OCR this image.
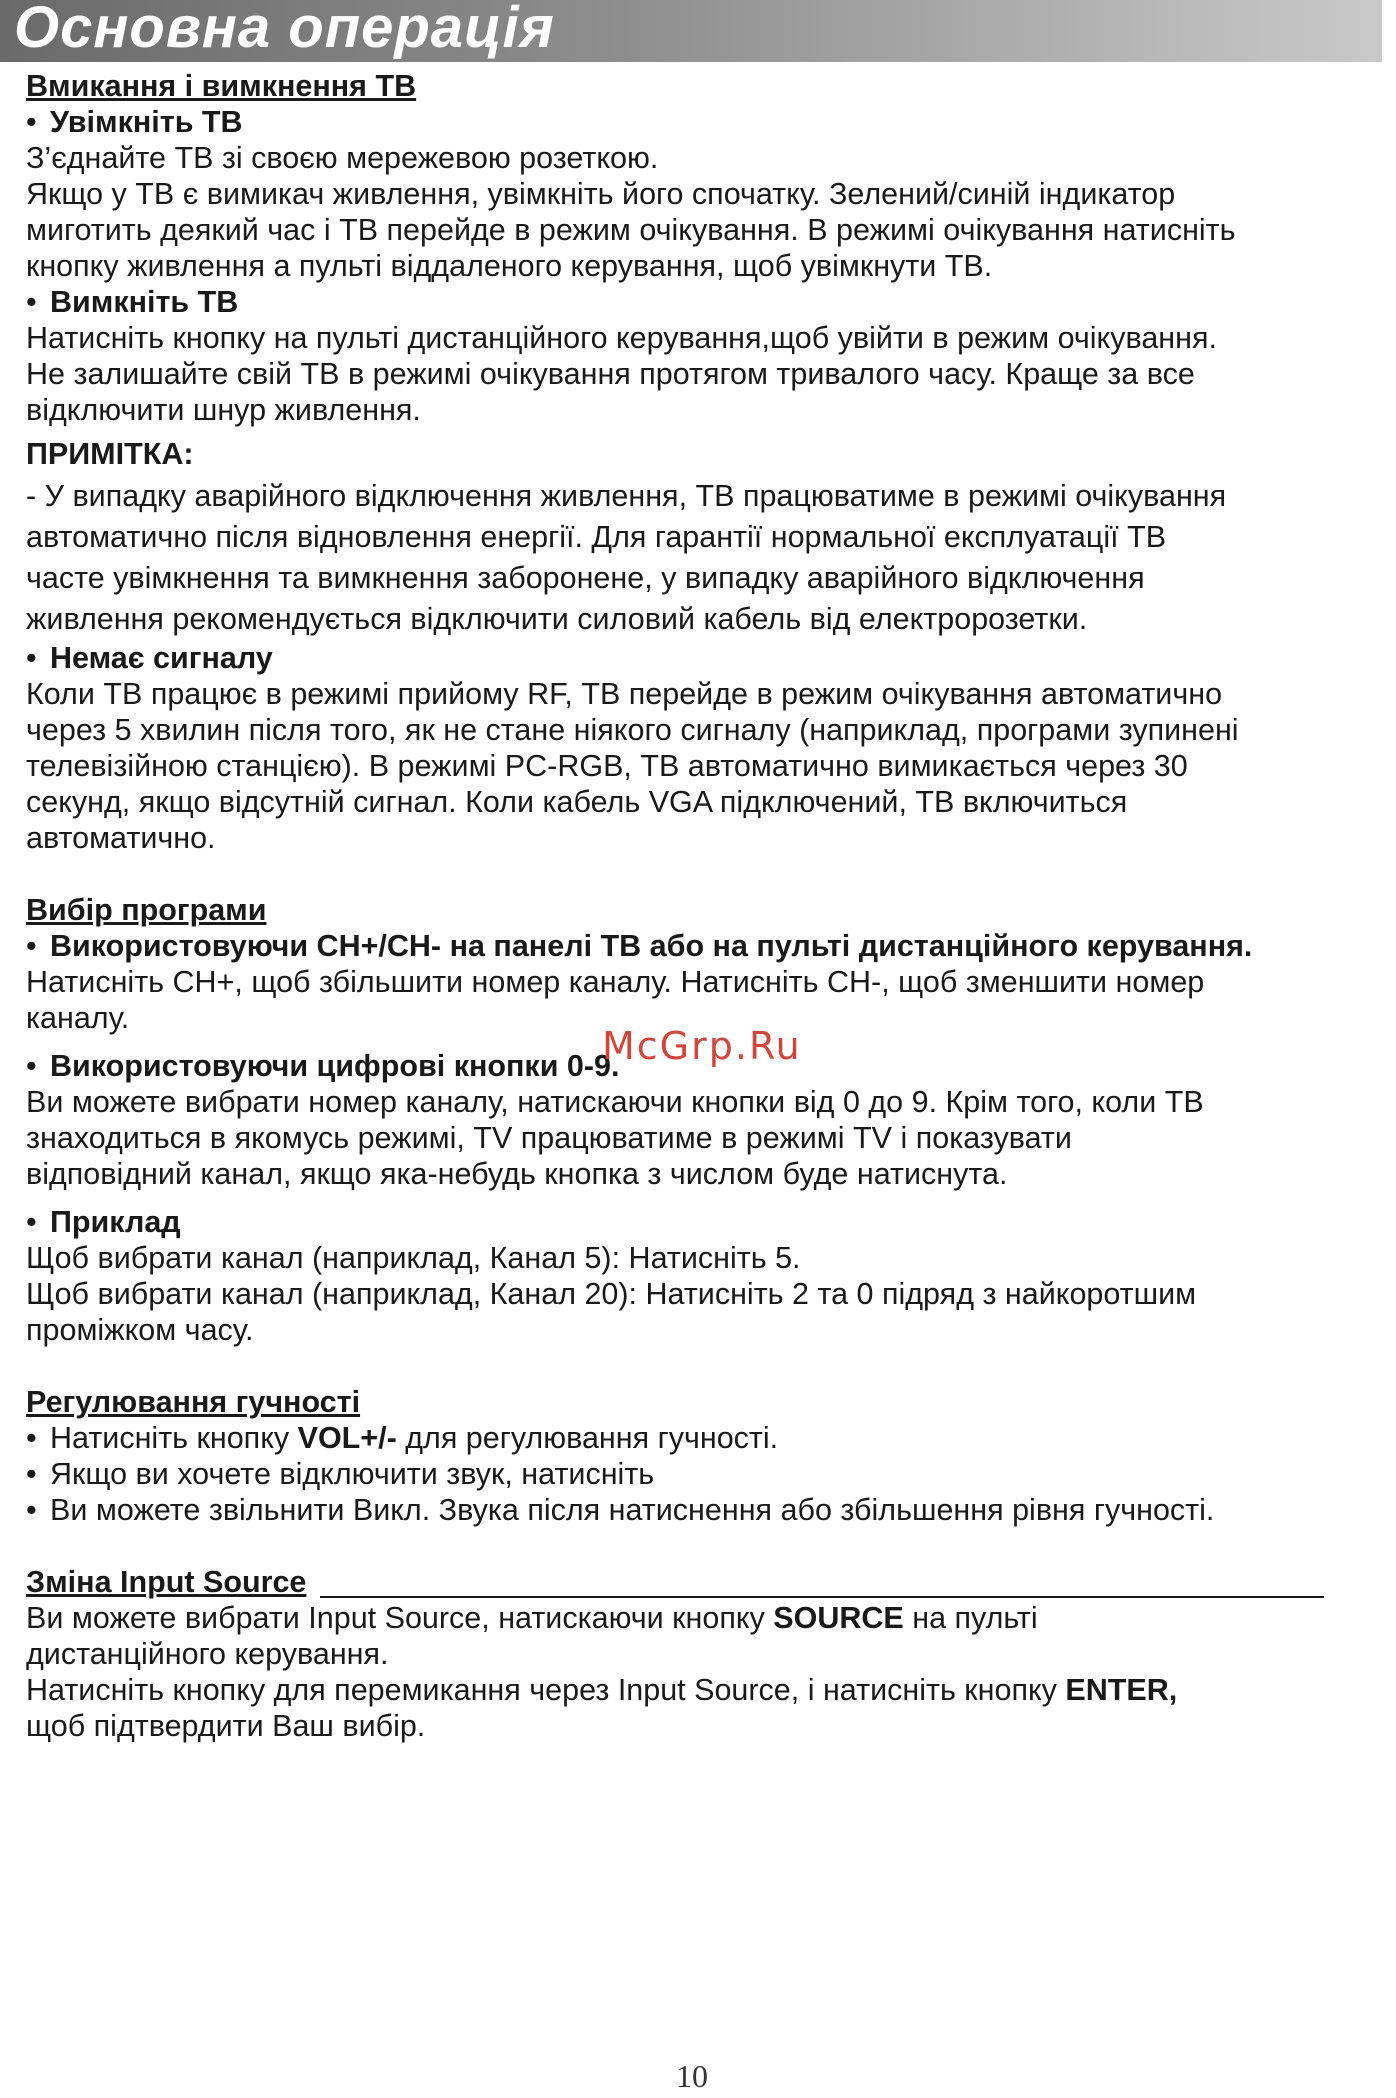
Основна операція
Вмикання і вимкнення ТВ
• Увімкніть ТВ
З’єднайте ТВ зі своєю мережевою розеткою.
Якщо у ТВ є вимикач живлення, увімкніть його спочатку. Зелений/синій індикатор
миготить деякий час і ТВ перейде в режим очікування. В режимі очікування натисніть
кнопку живлення а пульті віддаленого керування, щоб увімкнути ТВ.
• Вимкніть ТВ
Натисніть кнопку на пульті дистанційного керування,щоб увійти в режим очікування.
Не залишайте свій ТВ в режимі очікування протягом тривалого часу. Краще за все
відключити шнур живлення.
ПРИМІТКА:
- У випадку аварійного відключення живлення, ТВ працюватиме в режимі очікування
автоматично після відновлення енергії. Для гарантії нормальної експлуатації ТВ
часте увімкнення та вимкнення заборонене, у випадку аварійного відключення
живлення рекомендується відключити силовий кабель від електророзетки.
• Немає сигналу
Коли ТВ працює в режимі прийому RF, ТВ перейде в режим очікування автоматично
через 5 хвилин після того, як не стане ніякого сигналу (наприклад, програми зупинені
телевізійною станцією). В режимі PC-RGB, ТВ автоматично вимикається через 30
секунд, якщо відсутній сигнал. Коли кабель VGA підключений, ТВ включиться
автоматично.
Вибір програми
• Використовуючи CH+/CH- на панелі ТВ або на пульті дистанційного керування.
Натисніть CH+, щоб збільшити номер каналу. Натисніть CH-, щоб зменшити номер
каналу.
• Використовуючи цифрові кнопки 0-9.
Ви можете вибрати номер каналу, натискаючи кнопки від 0 до 9. Крім того, коли ТВ
знаходиться в якомусь режимі, TV працюватиме в режимі TV і показувати
відповідний канал, якщо яка-небудь кнопка з числом буде натиснута.
• Приклад
Щоб вибрати канал (наприклад, Канал 5): Натисніть 5.
Щоб вибрати канал (наприклад, Канал 20): Натисніть 2 та 0 підряд з найкоротшим
проміжком часу.
Регулювання гучності
• Натисніть кнопку VOL+/- для регулювання гучності.
• Якщо ви хочете відключити звук, натисніть
• Ви можете звільнити Викл. Звука після натиснення або збільшення рівня гучності.
Зміна Input Source
Ви можете вибрати Input Source, натискаючи кнопку SOURCE на пульті
дистанційного керування.
Натисніть кнопку для перемикання через Input Source, і натисніть кнопку ENTER,
щоб підтвердити Ваш вибір.
McGrp.Ru
10
